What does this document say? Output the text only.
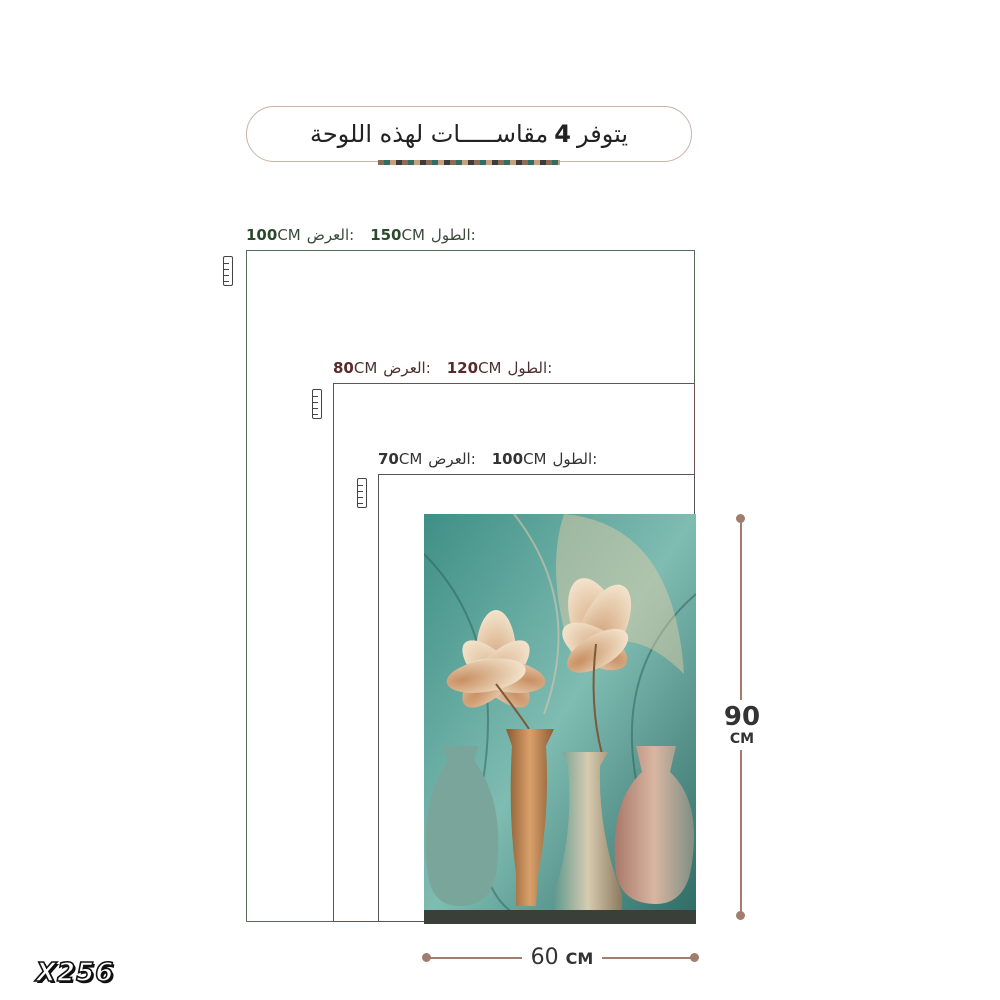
يتوفر
4
مقاســـــات لهذه اللوحة
100CM العرض: 150CM الطول:
80CM العرض: 120CM الطول:
70CM العرض: 100CM الطول:
90
CM
60 CM
X256
